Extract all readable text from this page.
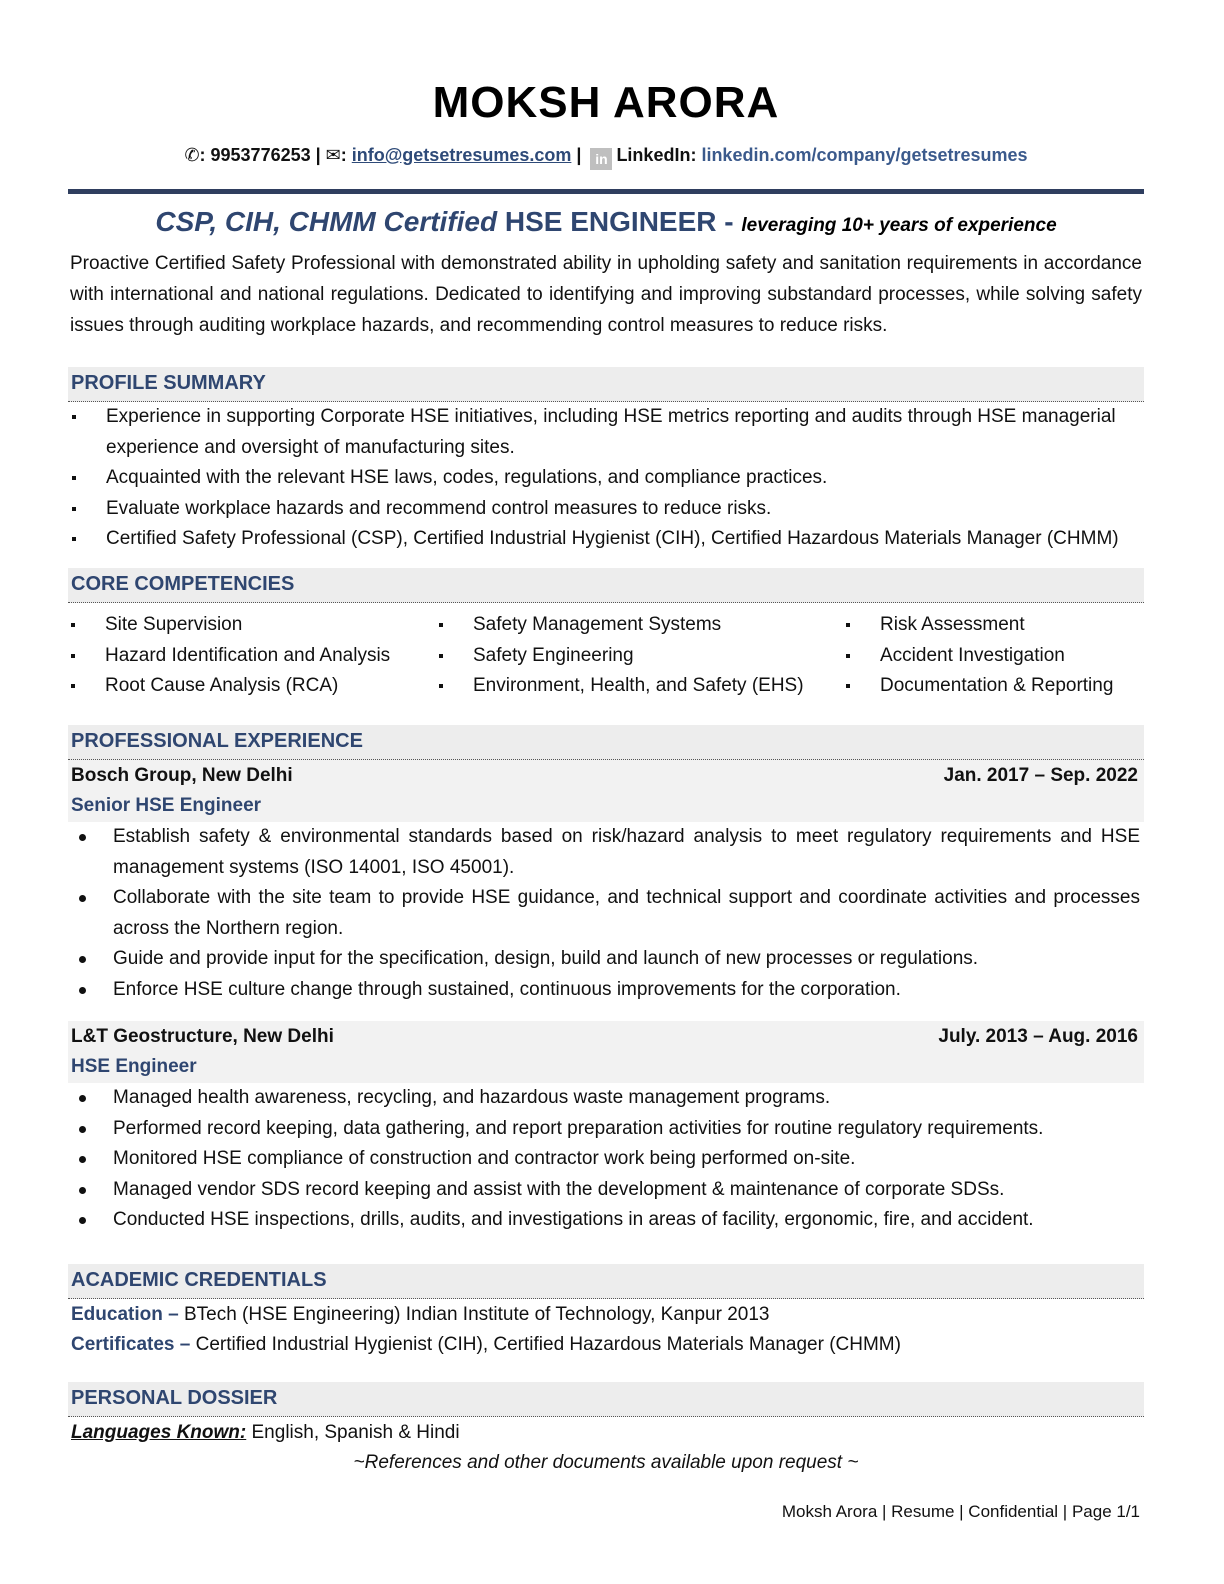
MOKSH ARORA
✆: 9953776253 | ✉: info@getsetresumes.com | in LinkedIn: linkedin.com/company/getsetresumes
CSP, CIH, CHMM Certified HSE ENGINEER - leveraging 10+ years of experience
Proactive Certified Safety Professional with demonstrated ability in upholding safety and sanitation requirements in accordance with international and national regulations. Dedicated to identifying and improving substandard processes, while solving safety issues through auditing workplace hazards, and recommending control measures to reduce risks.
PROFILE SUMMARY
Experience in supporting Corporate HSE initiatives, including HSE metrics reporting and audits through HSE managerial experience and oversight of manufacturing sites.
Acquainted with the relevant HSE laws, codes, regulations, and compliance practices.
Evaluate workplace hazards and recommend control measures to reduce risks.
Certified Safety Professional (CSP), Certified Industrial Hygienist (CIH), Certified Hazardous Materials Manager (CHMM)
CORE COMPETENCIES
Site Supervision
Hazard Identification and Analysis
Root Cause Analysis (RCA)
Safety Management Systems
Safety Engineering
Environment, Health, and Safety (EHS)
Risk Assessment
Accident Investigation
Documentation & Reporting
PROFESSIONAL EXPERIENCE
Bosch Group, New Delhi	Jan. 2017 – Sep. 2022
Senior HSE Engineer
Establish safety & environmental standards based on risk/hazard analysis to meet regulatory requirements and HSE management systems (ISO 14001, ISO 45001).
Collaborate with the site team to provide HSE guidance, and technical support and coordinate activities and processes across the Northern region.
Guide and provide input for the specification, design, build and launch of new processes or regulations.
Enforce HSE culture change through sustained, continuous improvements for the corporation.
L&T Geostructure, New Delhi	July. 2013 – Aug. 2016
HSE Engineer
Managed health awareness, recycling, and hazardous waste management programs.
Performed record keeping, data gathering, and report preparation activities for routine regulatory requirements.
Monitored HSE compliance of construction and contractor work being performed on-site.
Managed vendor SDS record keeping and assist with the development & maintenance of corporate SDSs.
Conducted HSE inspections, drills, audits, and investigations in areas of facility, ergonomic, fire, and accident.
ACADEMIC CREDENTIALS
Education – BTech (HSE Engineering) Indian Institute of Technology, Kanpur 2013
Certificates – Certified Industrial Hygienist (CIH), Certified Hazardous Materials Manager (CHMM)
PERSONAL DOSSIER
Languages Known: English, Spanish & Hindi
~References and other documents available upon request ~
Moksh Arora | Resume | Confidential | Page 1/1
